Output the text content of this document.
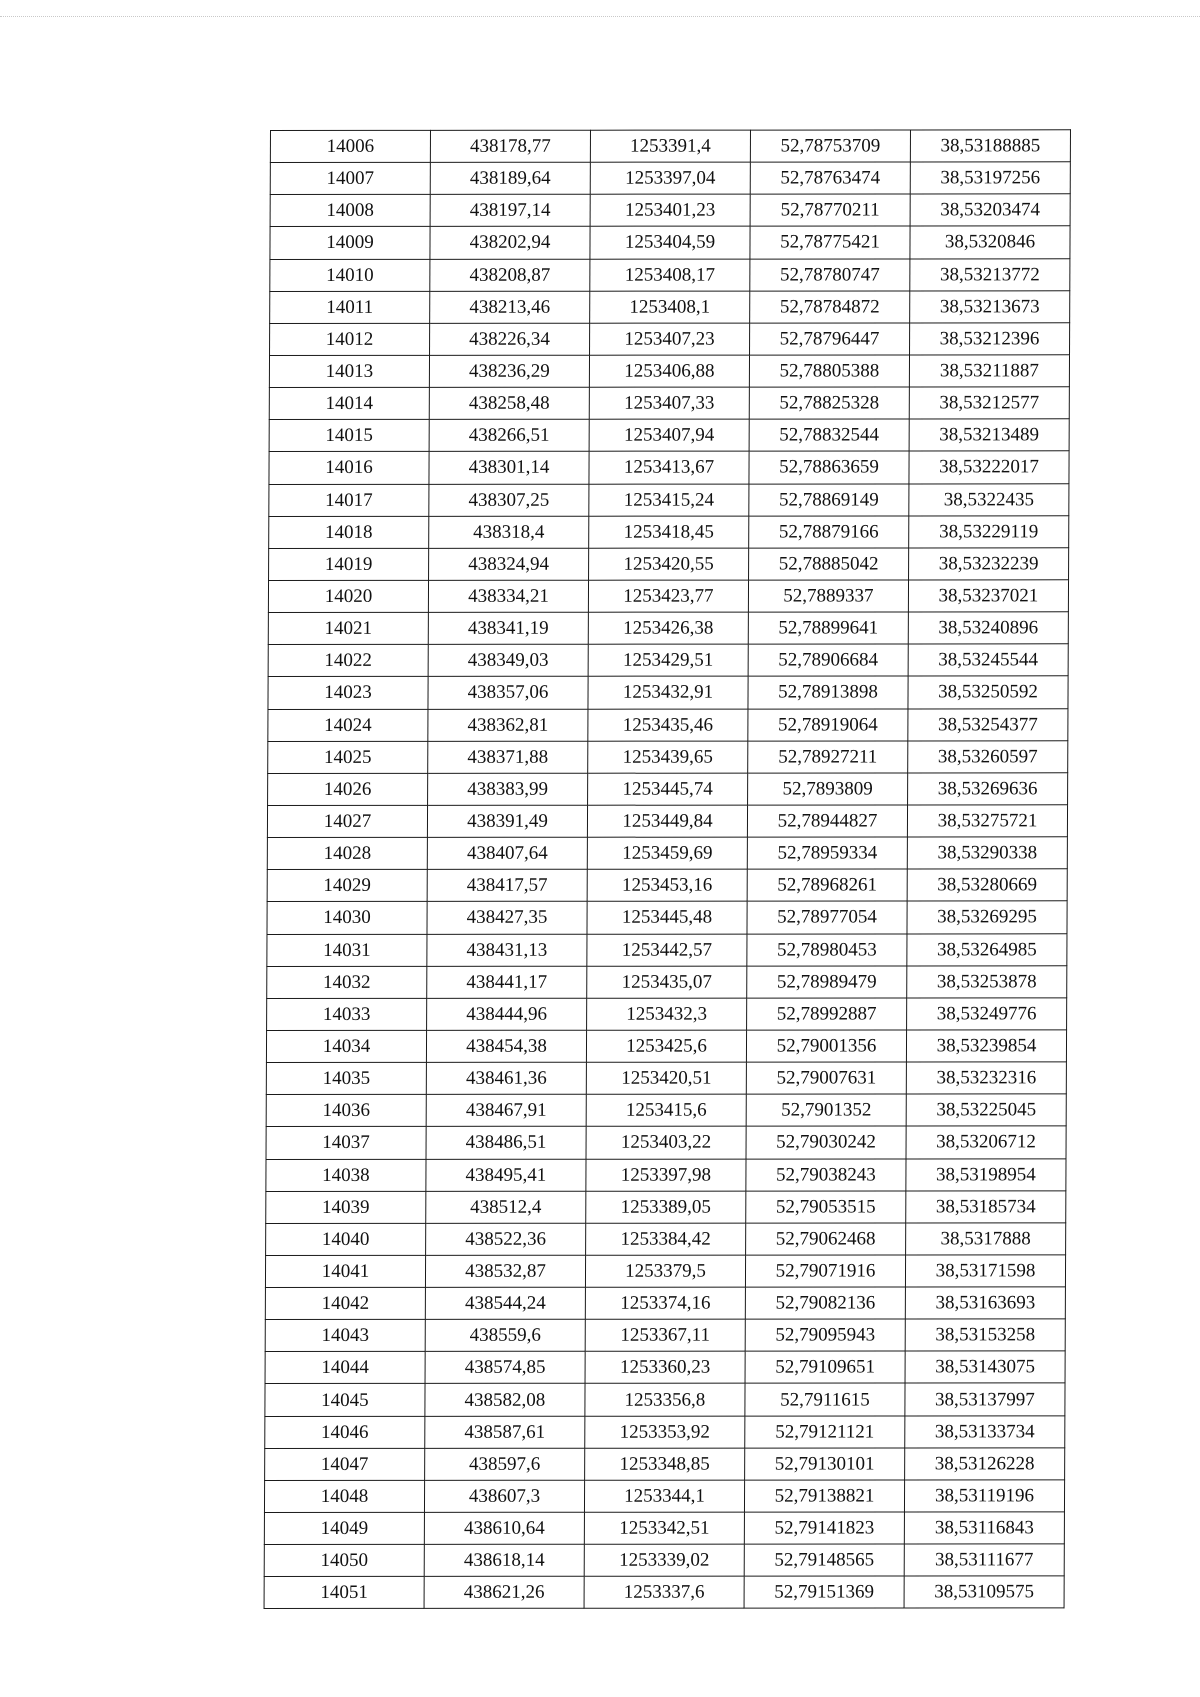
14006	438178,77	1253391,4	52,78753709	38,53188885
14007	438189,64	1253397,04	52,78763474	38,53197256
14008	438197,14	1253401,23	52,78770211	38,53203474
14009	438202,94	1253404,59	52,78775421	38,5320846
14010	438208,87	1253408,17	52,78780747	38,53213772
14011	438213,46	1253408,1	52,78784872	38,53213673
14012	438226,34	1253407,23	52,78796447	38,53212396
14013	438236,29	1253406,88	52,78805388	38,53211887
14014	438258,48	1253407,33	52,78825328	38,53212577
14015	438266,51	1253407,94	52,78832544	38,53213489
14016	438301,14	1253413,67	52,78863659	38,53222017
14017	438307,25	1253415,24	52,78869149	38,5322435
14018	438318,4	1253418,45	52,78879166	38,53229119
14019	438324,94	1253420,55	52,78885042	38,53232239
14020	438334,21	1253423,77	52,7889337	38,53237021
14021	438341,19	1253426,38	52,78899641	38,53240896
14022	438349,03	1253429,51	52,78906684	38,53245544
14023	438357,06	1253432,91	52,78913898	38,53250592
14024	438362,81	1253435,46	52,78919064	38,53254377
14025	438371,88	1253439,65	52,78927211	38,53260597
14026	438383,99	1253445,74	52,7893809	38,53269636
14027	438391,49	1253449,84	52,78944827	38,53275721
14028	438407,64	1253459,69	52,78959334	38,53290338
14029	438417,57	1253453,16	52,78968261	38,53280669
14030	438427,35	1253445,48	52,78977054	38,53269295
14031	438431,13	1253442,57	52,78980453	38,53264985
14032	438441,17	1253435,07	52,78989479	38,53253878
14033	438444,96	1253432,3	52,78992887	38,53249776
14034	438454,38	1253425,6	52,79001356	38,53239854
14035	438461,36	1253420,51	52,79007631	38,53232316
14036	438467,91	1253415,6	52,7901352	38,53225045
14037	438486,51	1253403,22	52,79030242	38,53206712
14038	438495,41	1253397,98	52,79038243	38,53198954
14039	438512,4	1253389,05	52,79053515	38,53185734
14040	438522,36	1253384,42	52,79062468	38,5317888
14041	438532,87	1253379,5	52,79071916	38,53171598
14042	438544,24	1253374,16	52,79082136	38,53163693
14043	438559,6	1253367,11	52,79095943	38,53153258
14044	438574,85	1253360,23	52,79109651	38,53143075
14045	438582,08	1253356,8	52,7911615	38,53137997
14046	438587,61	1253353,92	52,79121121	38,53133734
14047	438597,6	1253348,85	52,79130101	38,53126228
14048	438607,3	1253344,1	52,79138821	38,53119196
14049	438610,64	1253342,51	52,79141823	38,53116843
14050	438618,14	1253339,02	52,79148565	38,53111677
14051	438621,26	1253337,6	52,79151369	38,53109575
